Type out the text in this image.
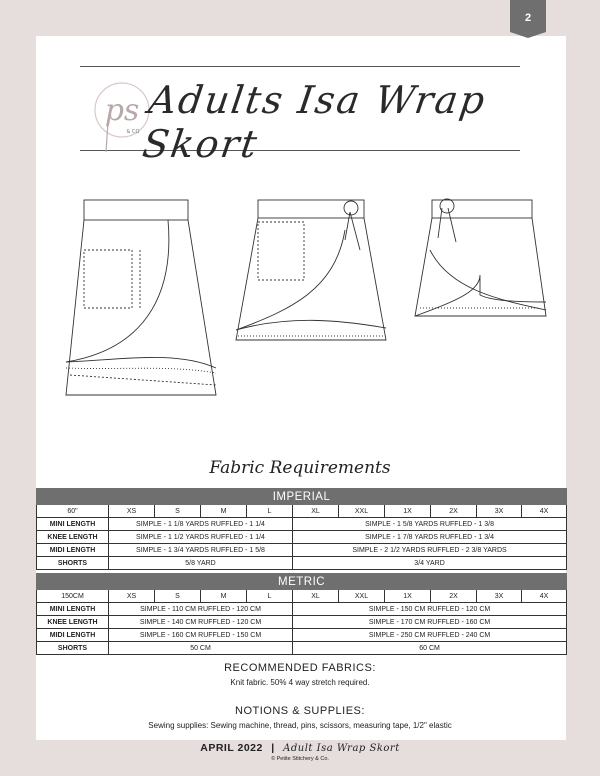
2
ps
& CO
Adults Isa Wrap Skort
Fabric Requirements
IMPERIAL										
60"	XS	S	M	L	XL	XXL	1X	2X	3X	4X
MINI LENGTH	SIMPLE - 1 1/8 YARDS RUFFLED - 1 1/4				SIMPLE - 1 5/8 YARDS RUFFLED - 1 3/8					
KNEE LENGTH	SIMPLE - 1 1/2 YARDS RUFFLED - 1 1/4				SIMPLE - 1 7/8 YARDS RUFFLED - 1 3/4					
MIDI LENGTH	SIMPLE - 1 3/4 YARDS RUFFLED - 1 5/8				SIMPLE - 2 1/2 YARDS RUFFLED - 2 3/8 YARDS					
SHORTS	5/8 YARD				3/4 YARD					
METRIC										
150CM	XS	S	M	L	XL	XXL	1X	2X	3X	4X
MINI LENGTH	SIMPLE - 110 CM RUFFLED - 120 CM				SIMPLE - 150 CM RUFFLED - 120 CM					
KNEE LENGTH	SIMPLE - 140 CM RUFFLED - 120 CM				SIMPLE - 170 CM RUFFLED - 160 CM					
MIDI LENGTH	SIMPLE - 160 CM RUFFLED - 150 CM				SIMPLE - 250 CM RUFFLED - 240 CM					
SHORTS	50 CM				60 CM					
RECOMMENDED FABRICS:
Knit fabric. 50% 4 way stretch required.
NOTIONS & SUPPLIES:
Sewing supplies: Sewing machine, thread, pins, scissors, measuring tape, 1/2" elastic
APRIL 2022 | Adult Isa Wrap Skort
© Petite Stitchery & Co.
